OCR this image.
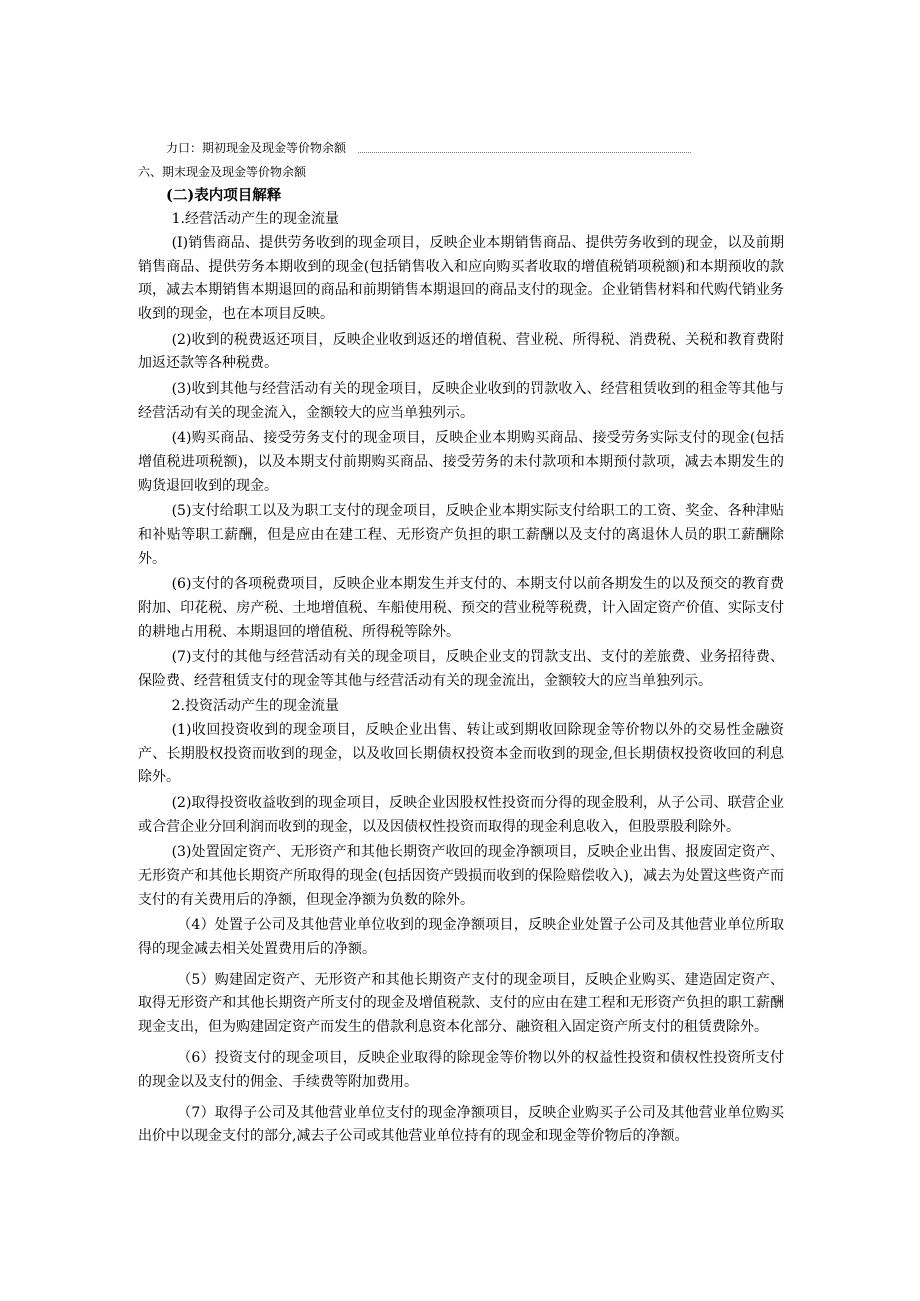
力口：期初现金及现金等价物余额
六、期末现金及现金等价物余额
(二)表内项目解释

1.经营活动产生的现金流量

(I)销售商品、提供劳务收到的现金项目，反映企业本期销售商品、提供劳务收到的现金，以及前期销售商品、提供劳务本期收到的现金(包括销售收入和应向购买者收取的增值税销项税额)和本期预收的款项，减去本期销售本期退回的商品和前期销售本期退回的商品支付的现金。企业销售材料和代购代销业务收到的现金，也在本项目反映。

(2)收到的税费返还项目，反映企业收到返还的增值税、营业税、所得税、消费税、关税和教育费附加返还款等各种税费。

(3)收到其他与经营活动有关的现金项目，反映企业收到的罚款收入、经营租赁收到的租金等其他与经营活动有关的现金流入，金额较大的应当单独列示。

(4)购买商品、接受劳务支付的现金项目，反映企业本期购买商品、接受劳务实际支付的现金(包括增值税进项税额)，以及本期支付前期购买商品、接受劳务的未付款项和本期预付款项，减去本期发生的购货退回收到的现金。

(5)支付给职工以及为职工支付的现金项目，反映企业本期实际支付给职工的工资、奖金、各种津贴和补贴等职工薪酬，但是应由在建工程、无形资产负担的职工薪酬以及支付的离退休人员的职工薪酬除外。

(6)支付的各项税费项目，反映企业本期发生并支付的、本期支付以前各期发生的以及预交的教育费附加、印花税、房产税、土地增值税、车船使用税、预交的营业税等税费，计入固定资产价值、实际支付的耕地占用税、本期退回的增值税、所得税等除外。

(7)支付的其他与经营活动有关的现金项目，反映企业支的罚款支出、支付的差旅费、业务招待费、保险费、经营租赁支付的现金等其他与经营活动有关的现金流出，金额较大的应当单独列示。

2.投资活动产生的现金流量

(1)收回投资收到的现金项目，反映企业出售、转让或到期收回除现金等价物以外的交易性金融资产、长期股权投资而收到的现金，以及收回长期债权投资本金而收到的现金,但长期债权投资收回的利息除外。

(2)取得投资收益收到的现金项目，反映企业因股权性投资而分得的现金股利，从子公司、联营企业或合营企业分回利润而收到的现金，以及因债权性投资而取得的现金利息收入，但股票股利除外。

(3)处置固定资产、无形资产和其他长期资产收回的现金净额项目，反映企业出售、报废固定资产、无形资产和其他长期资产所取得的现金(包括因资产毁损而收到的保险赔偿收入)，减去为处置这些资产而支付的有关费用后的净额，但现金净额为负数的除外。

（4）处置子公司及其他营业单位收到的现金净额项目，反映企业处置子公司及其他营业单位所取得的现金减去相关处置费用后的净额。

（5）购建固定资产、无形资产和其他长期资产支付的现金项目，反映企业购买、建造固定资产、取得无形资产和其他长期资产所支付的现金及增值税款、支付的应由在建工程和无形资产负担的职工薪酬现金支出，但为购建固定资产而发生的借款利息资本化部分、融资租入固定资产所支付的租赁费除外。

（6）投资支付的现金项目，反映企业取得的除现金等价物以外的权益性投资和债权性投资所支付的现金以及支付的佣金、手续费等附加费用。

（7）取得子公司及其他营业单位支付的现金净额项目，反映企业购买子公司及其他营业单位购买出价中以现金支付的部分,减去子公司或其他营业单位持有的现金和现金等价物后的净额。
